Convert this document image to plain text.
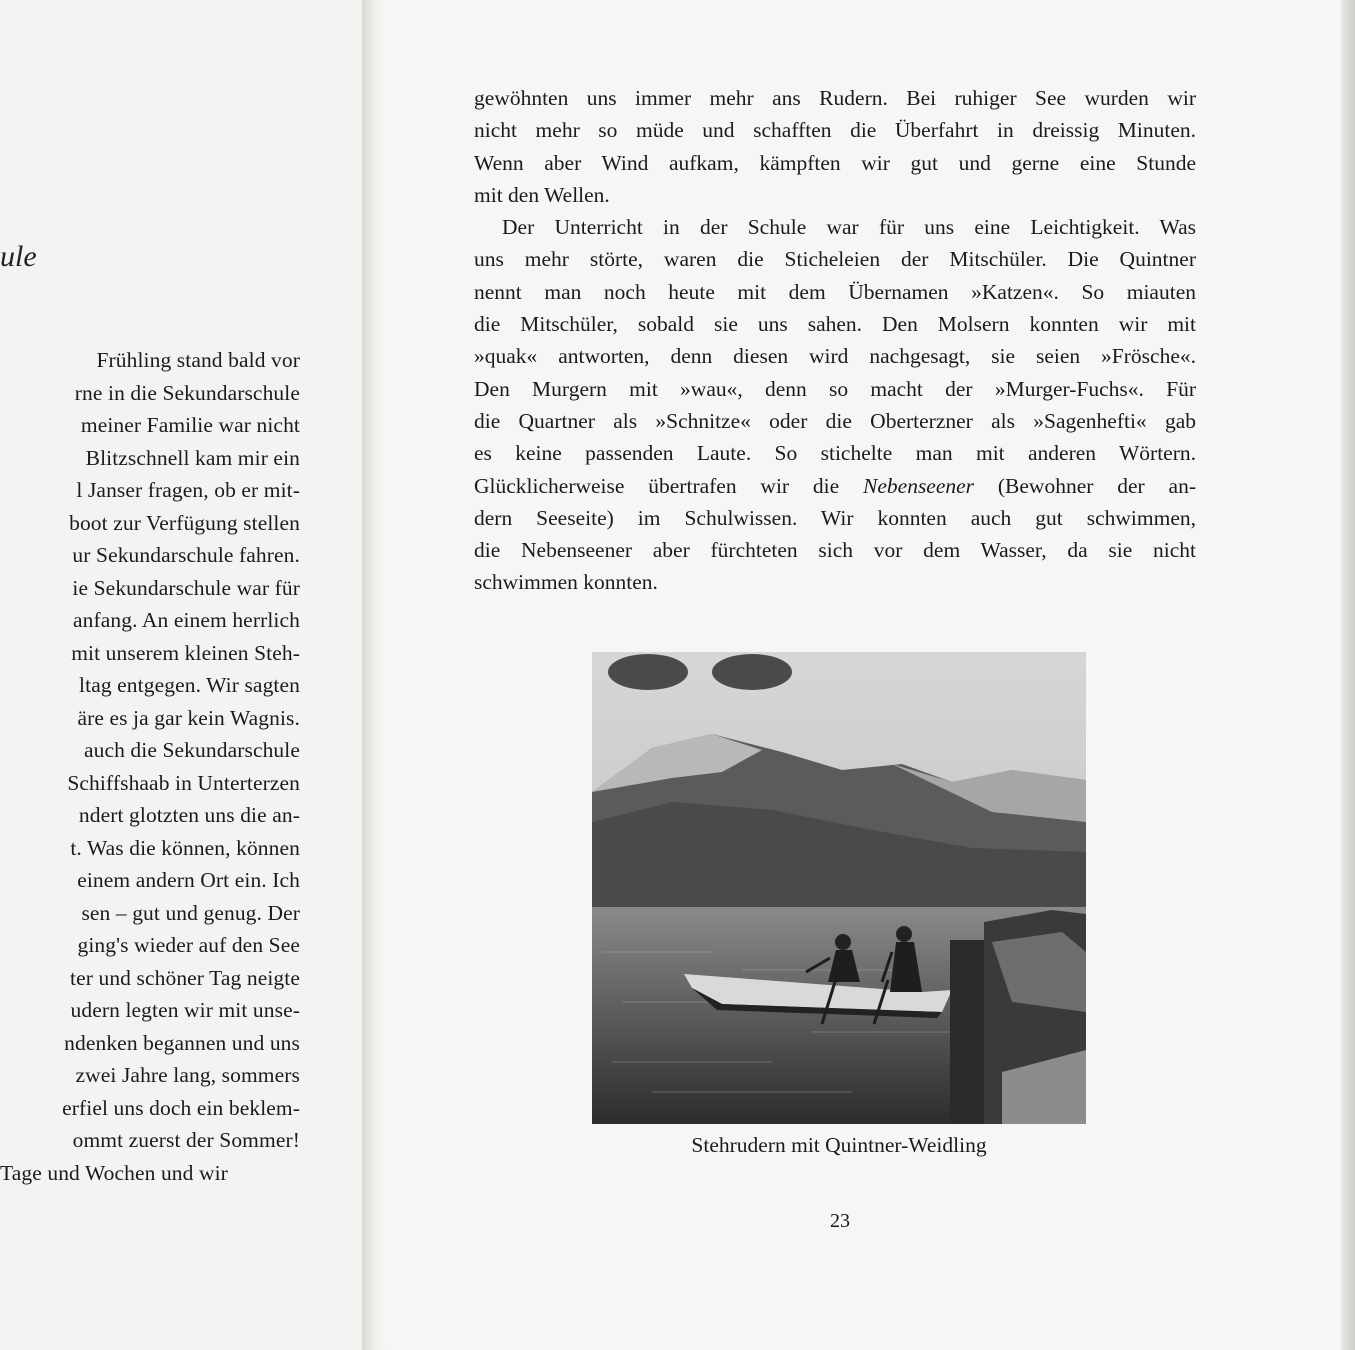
ule
Frühling stand bald vor
rne in die Sekundarschule
meiner Familie war nicht
Blitzschnell kam mir ein
l Janser fragen, ob er mit-
boot zur Verfügung stellen
ur Sekundarschule fahren.
ie Sekundarschule war für
anfang. An einem herrlich
mit unserem kleinen Steh-
ltag entgegen. Wir sagten
äre es ja gar kein Wagnis.
auch die Sekundarschule
Schiffshaab in Unterterzen
ndert glotzten uns die an-
t. Was die können, können
einem andern Ort ein. Ich
sen – gut und genug. Der
ging's wieder auf den See
ter und schöner Tag neigte
udern legten wir mit unse-
ndenken begannen und uns
zwei Jahre lang, sommers
erfiel uns doch ein beklem-
ommt zuerst der Sommer!
Tage und Wochen und wir
gewöhnten uns immer mehr ans Rudern. Bei ruhiger See wurden wir
nicht mehr so müde und schafften die Überfahrt in dreissig Minuten.
Wenn aber Wind aufkam, kämpften wir gut und gerne eine Stunde
mit den Wellen.
Der Unterricht in der Schule war für uns eine Leichtigkeit. Was
uns mehr störte, waren die Sticheleien der Mitschüler. Die Quintner
nennt man noch heute mit dem Übernamen »Katzen«. So miauten
die Mitschüler, sobald sie uns sahen. Den Molsern konnten wir mit
»quak« antworten, denn diesen wird nachgesagt, sie seien »Frösche«.
Den Murgern mit »wau«, denn so macht der »Murger-Fuchs«. Für
die Quartner als »Schnitze« oder die Oberterzner als »Sagenhefti« gab
es keine passenden Laute. So stichelte man mit anderen Wörtern.
Glücklicherweise übertrafen wir die Nebenseener (Bewohner der an-
dern Seeseite) im Schulwissen. Wir konnten auch gut schwimmen,
die Nebenseener aber fürchteten sich vor dem Wasser, da sie nicht
schwimmen konnten.
Stehrudern mit Quintner-Weidling
23
